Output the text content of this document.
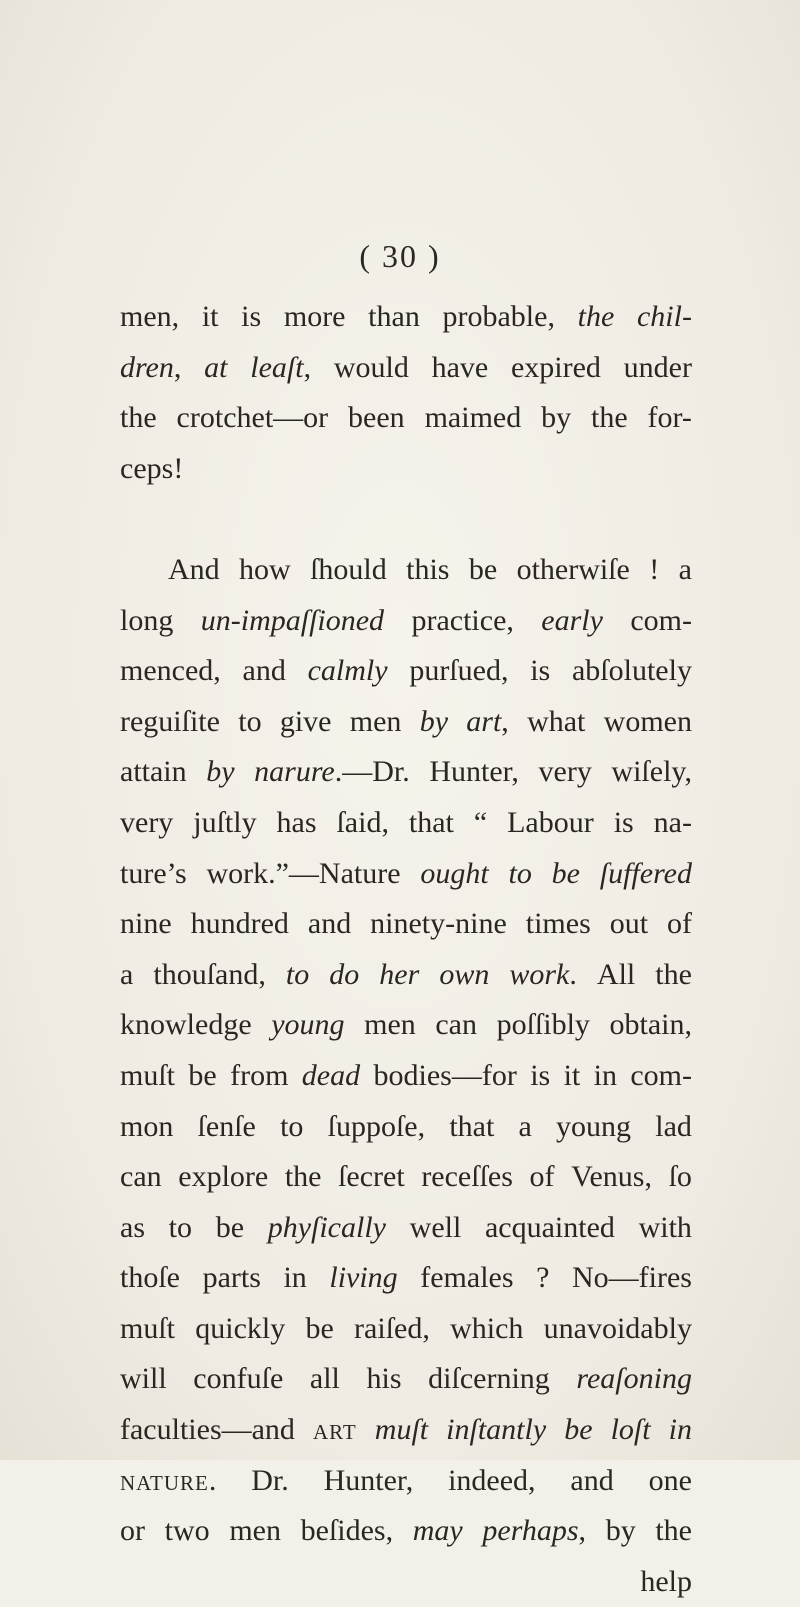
( 30 )
men, it is more than probable, the chil-
dren, at leaſt, would have expired under
the crotchet—or been maimed by the for-
ceps !
And how ſhould this be otherwiſe ! a
long un-impaſſioned practice, early com-
menced, and calmly purſued, is abſolutely
reguiſite to give men by art, what women
attain by narure.—Dr. Hunter, very wiſely,
very juſtly has ſaid, that “ Labour is na-
ture’s work.”—Nature ought to be ſuffered
nine hundred and ninety-nine times out of
a thouſand, to do her own work. All the
knowledge young men can poſſibly obtain,
muſt be from dead bodies—for is it in com-
mon ſenſe to ſuppoſe, that a young lad
can explore the ſecret receſſes of Venus, ſo
as to be phyſically well acquainted with
thoſe parts in living females ? No—fires
muſt quickly be raiſed, which unavoidably
will confuſe all his diſcerning reaſoning
faculties—and art muſt inſtantly be loſt in
nature. Dr. Hunter, indeed, and one
or two men beſides, may perhaps, by the
help
